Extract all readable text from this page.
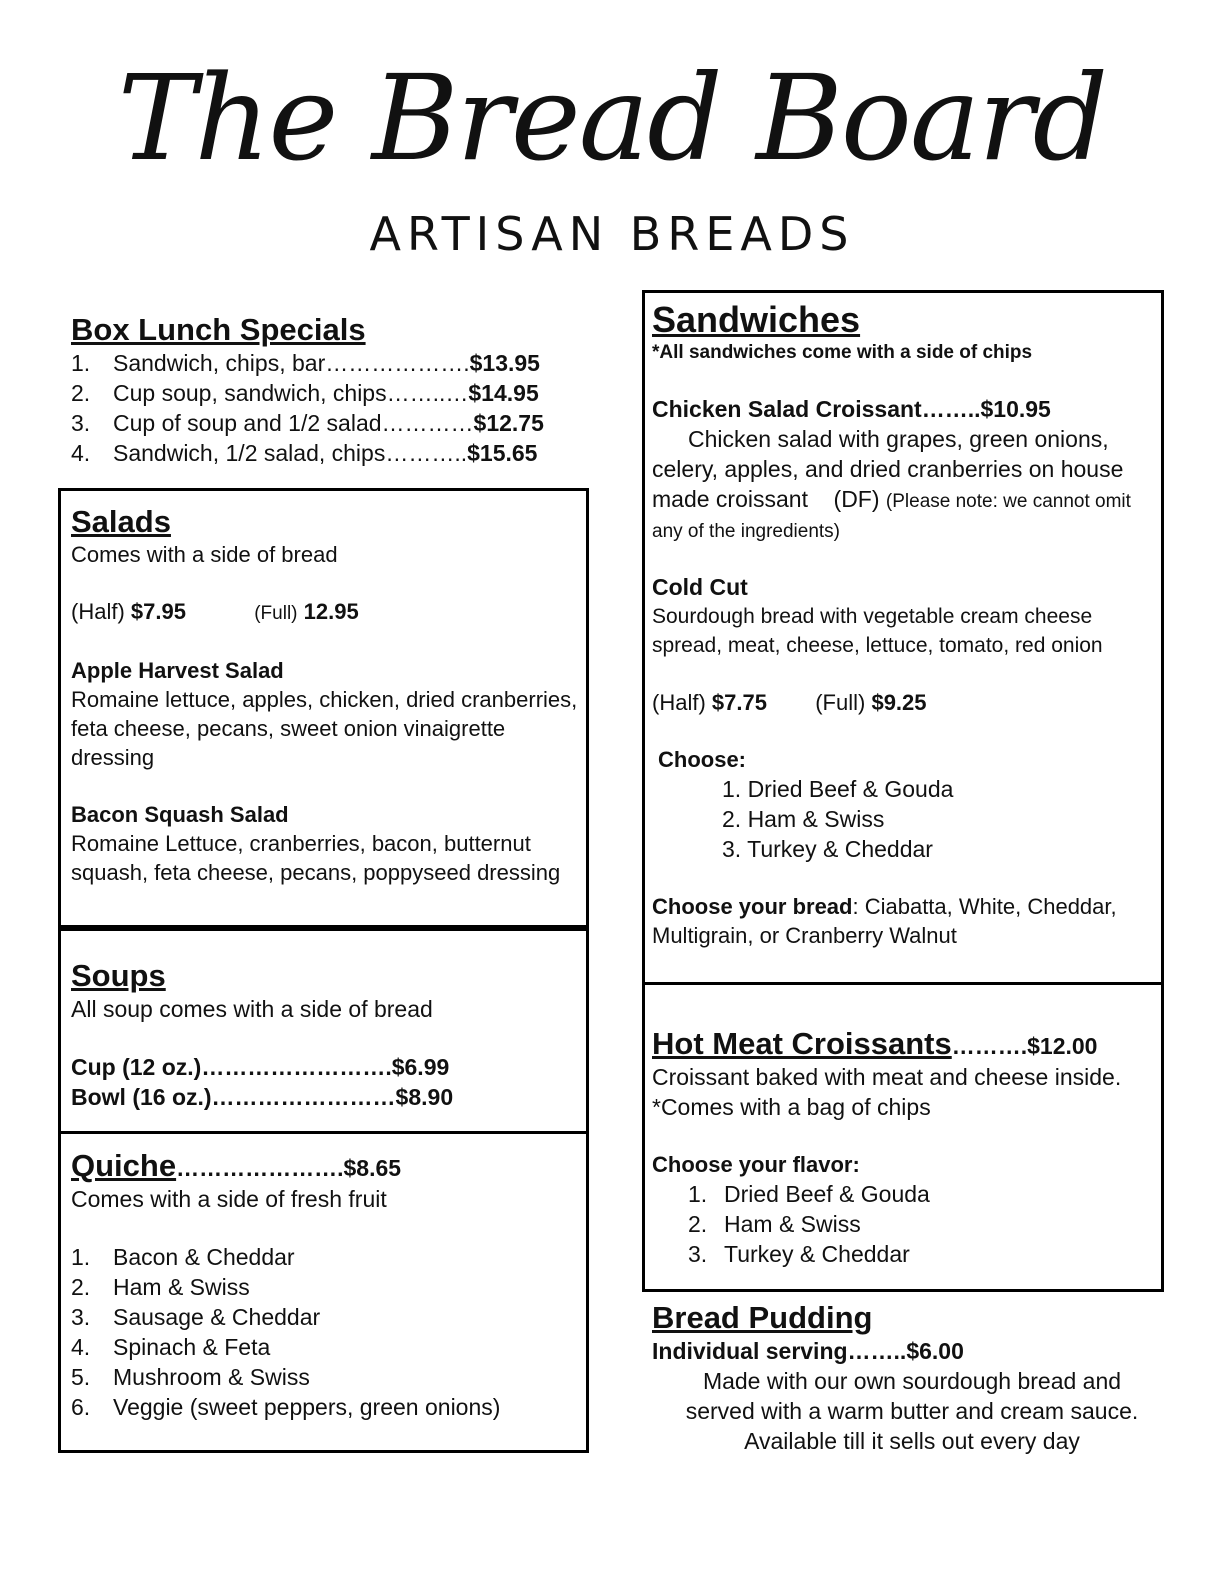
The Bread Board
ARTISAN BREADS
Box Lunch Specials
1. Sandwich, chips, bar……………….$13.95
2. Cup soup, sandwich, chips……..…$14.95
3. Cup of soup and 1/2 salad…………$12.75
4. Sandwich, 1/2 salad, chips………..$15.65
Salads
Comes with a side of bread
(Half) $7.95	(Full) 12.95
Apple Harvest Salad
Romaine lettuce, apples, chicken, dried cranberries, feta cheese, pecans, sweet onion vinaigrette dressing
Bacon Squash Salad
Romaine Lettuce, cranberries, bacon, butternut squash, feta cheese, pecans, poppyseed dressing
Soups
All soup comes with a side of bread
Cup (12 oz.)…………………….$6.99
Bowl (16 oz.)……………………$8.90
Quiche………………….$8.65
Comes with a side of fresh fruit
1. Bacon & Cheddar
2. Ham & Swiss
3. Sausage & Cheddar
4. Spinach & Feta
5. Mushroom & Swiss
6. Veggie (sweet peppers, green onions)
Sandwiches
*All sandwiches come with a side of chips
Chicken Salad Croissant……..$10.95
Chicken salad with grapes, green onions, celery, apples, and dried cranberries on house made croissant (DF) (Please note: we cannot omit any of the ingredients)
Cold Cut
Sourdough bread with vegetable cream cheese spread, meat, cheese, lettuce, tomato, red onion
(Half) $7.75 (Full) $9.25
Choose:
1. Dried Beef & Gouda
2. Ham & Swiss
3. Turkey & Cheddar
Choose your bread: Ciabatta, White, Cheddar, Multigrain, or Cranberry Walnut
Hot Meat Croissants……….$12.00
Croissant baked with meat and cheese inside. *Comes with a bag of chips
Choose your flavor:
1. Dried Beef & Gouda
2. Ham & Swiss
3. Turkey & Cheddar
Bread Pudding
Individual serving……..$6.00
Made with our own sourdough bread and
served with a warm butter and cream sauce.
Available till it sells out every day
